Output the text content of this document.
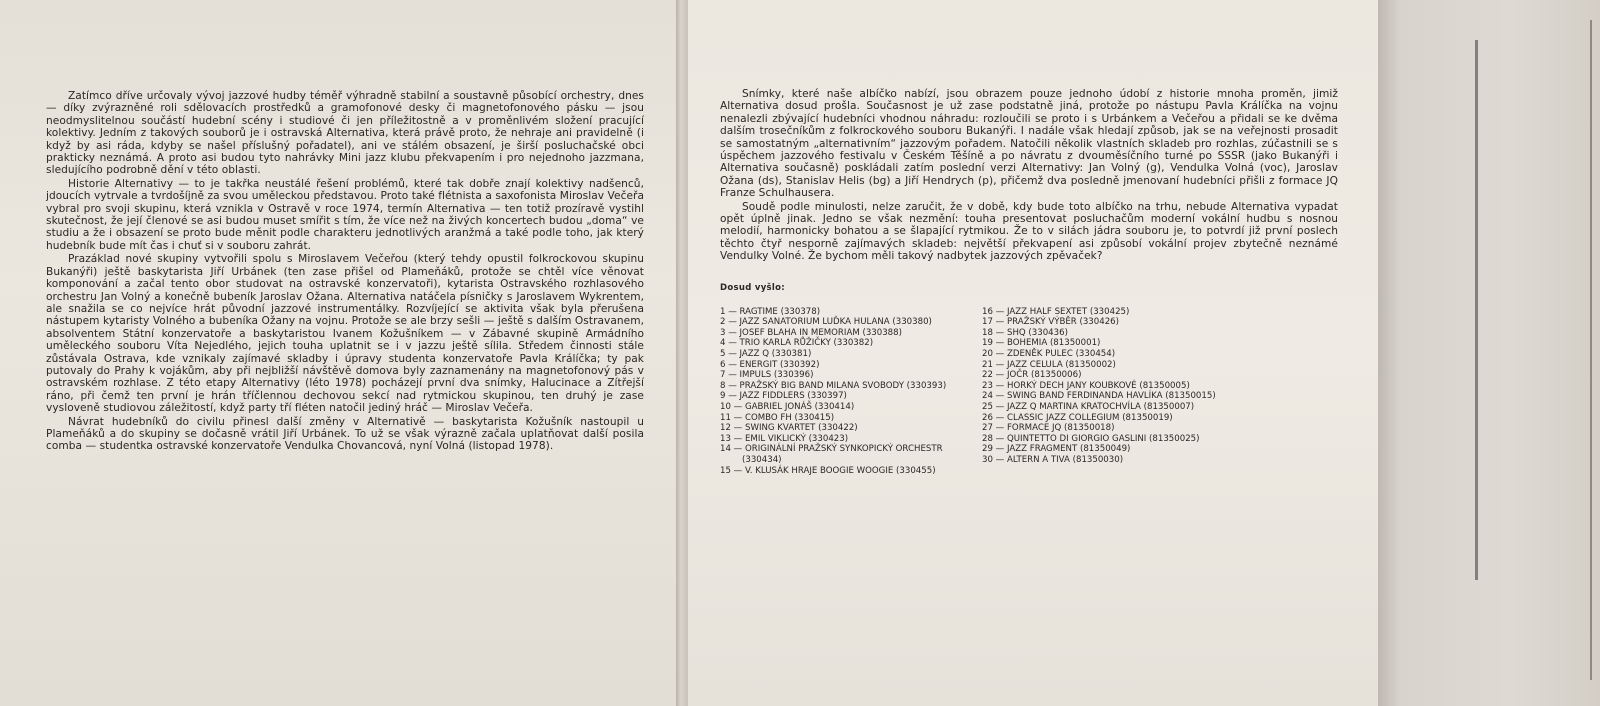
Zatímco dříve určovaly vývoj jazzové hudby téměř výhradně stabilní a soustavně působící orchestry, dnes — díky zvýrazněné roli sdělovacích prostředků a gramofonové desky či magnetofonového pásku — jsou neodmyslitelnou součástí hudební scény i studiové či jen příležitostně a v proměnlivém složení pracující kolektivy. Jedním z takových souborů je i ostravská Alternativa, která právě proto, že nehraje ani pravidelně (i když by asi ráda, kdyby se našel příslušný pořadatel), ani ve stálém obsazení, je širší posluchačské obci prakticky neznámá. A proto asi budou tyto nahrávky Mini jazz klubu překvapením i pro nejednoho jazzmana, sledujícího podrobně dění v této oblasti.

Historie Alternativy — to je takřka neustálé řešení problémů, které tak dobře znají kolektivy nadšenců, jdoucích vytrvale a tvrdošíjně za svou uměleckou představou. Proto také flétnista a saxofonista Miroslav Večeřa vybral pro svoji skupinu, která vznikla v Ostravě v roce 1974, termín Alternativa — ten totiž prozíravě vystihl skutečnost, že její členové se asi budou muset smířit s tím, že více než na živých koncertech budou „doma“ ve studiu a že i obsazení se proto bude měnit podle charakteru jednotlivých aranžmá a také podle toho, jak který hudebník bude mít čas i chuť si v souboru zahrát.

Prazáklad nové skupiny vytvořili spolu s Miroslavem Večeřou (který tehdy opustil folkrockovou skupinu Bukanýři) ještě baskytarista Jiří Urbánek (ten zase přišel od Plameňáků, protože se chtěl více věnovat komponování a začal tento obor studovat na ostravské konzervatoři), kytarista Ostravského rozhlasového orchestru Jan Volný a konečně bubeník Jaroslav Ožana. Alternativa natáčela písničky s Jaroslavem Wykrentem, ale snažila se co nejvíce hrát původní jazzové instrumentálky. Rozvíjející se aktivita však byla přerušena nástupem kytaristy Volného a bubeníka Ožany na vojnu. Protože se ale brzy sešli — ještě s dalším Ostravanem, absolventem Státní konzervatoře a baskytaristou Ivanem Kožušníkem — v Zábavné skupině Armádního uměleckého souboru Víta Nejedlého, jejich touha uplatnit se i v jazzu ještě sílila. Středem činnosti stále zůstávala Ostrava, kde vznikaly zajímavé skladby i úpravy studenta konzervatoře Pavla Králíčka; ty pak putovaly do Prahy k vojákům, aby při nejbližší návštěvě domova byly zaznamenány na magnetofonový pás v ostravském rozhlase. Z této etapy Alternativy (léto 1978) pocházejí první dva snímky, Halucinace a Zítřejší ráno, při čemž ten první je hrán tříčlennou dechovou sekcí nad rytmickou skupinou, ten druhý je zase vysloveně studiovou záležitostí, když party tří fléten natočil jediný hráč — Miroslav Večeřa.

Návrat hudebníků do civilu přinesl další změny v Alternativě — baskytarista Kožušník nastoupil u Plameňáků a do skupiny se dočasně vrátil Jiří Urbánek. To už se však výrazně začala uplatňovat další posila comba — studentka ostravské konzervatoře Vendulka Chovancová, nyní Volná (listopad 1978).

Snímky, které naše albíčko nabízí, jsou obrazem pouze jednoho údobí z historie mnoha proměn, jimiž Alternativa dosud prošla. Současnost je už zase podstatně jiná, protože po nástupu Pavla Králíčka na vojnu nenalezli zbývající hudebníci vhodnou náhradu: rozloučili se proto i s Urbánkem a Večeřou a přidali se ke dvěma dalším trosečníkům z folkrockového souboru Bukanýři. I nadále však hledají způsob, jak se na veřejnosti prosadit se samostatným „alternativním“ jazzovým pořadem. Natočili několik vlastních skladeb pro rozhlas, zúčastnili se s úspěchem jazzového festivalu v Českém Těšíně a po návratu z dvouměsíčního turné po SSSR (jako Bukanýři i Alternativa současně) poskládali zatím poslední verzi Alternativy: Jan Volný (g), Vendulka Volná (voc), Jaroslav Ožana (ds), Stanislav Helis (bg) a Jiří Hendrych (p), přičemž dva posledně jmenovaní hudebníci přišli z formace JQ Franze Schulhausera.

Soudě podle minulosti, nelze zaručit, že v době, kdy bude toto albíčko na trhu, nebude Alternativa vypadat opět úplně jinak. Jedno se však nezmění: touha presentovat posluchačům moderní vokální hudbu s nosnou melodií, harmonicky bohatou a se šlapající rytmikou. Že to v silách jádra souboru je, to potvrdí již první poslech těchto čtyř nesporně zajímavých skladeb: největší překvapení asi způsobí vokální projev zbytečně neznámé Vendulky Volné. Že bychom měli takový nadbytek jazzových zpěvaček?

Dosud vyšlo:
1 — RAGTIME (330378)
2 — JAZZ SANATORIUM LUĎKA HULANA (330380)
3 — JOSEF BLAHA IN MEMORIAM (330388)
4 — TRIO KARLA RŮŽIČKY (330382)
5 — JAZZ Q (330381)
6 — ENERGIT (330392)
7 — IMPULS (330396)
8 — PRAŽSKÝ BIG BAND MILANA SVOBODY (330393)
9 — JAZZ FIDDLERS (330397)
10 — GABRIEL JONÁŠ (330414)
11 — COMBO FH (330415)
12 — SWING KVARTET (330422)
13 — EMIL VIKLICKÝ (330423)
14 — ORIGINÁLNÍ PRAŽSKÝ SYNKOPICKÝ ORCHESTR (330434)
15 — V. KLUSÁK HRAJE BOOGIE WOOGIE (330455)
16 — JAZZ HALF SEXTET (330425)
17 — PRAŽSKÝ VÝBĚR (330426)
18 — SHQ (330436)
19 — BOHEMIA (81350001)
20 — ZDENĚK PULEC (330454)
21 — JAZZ CELULA (81350002)
22 — JOČR (81350006)
23 — HORKÝ DECH JANY KOUBKOVÉ (81350005)
24 — SWING BAND FERDINANDA HAVLÍKA (81350015)
25 — JAZZ Q MARTINA KRATOCHVÍLA (81350007)
26 — CLASSIC JAZZ COLLEGIUM (81350019)
27 — FORMACE JQ (81350018)
28 — QUINTETTO DI GIORGIO GASLINI (81350025)
29 — JAZZ FRAGMENT (81350049)
30 — ALTERN A TIVA (81350030)
